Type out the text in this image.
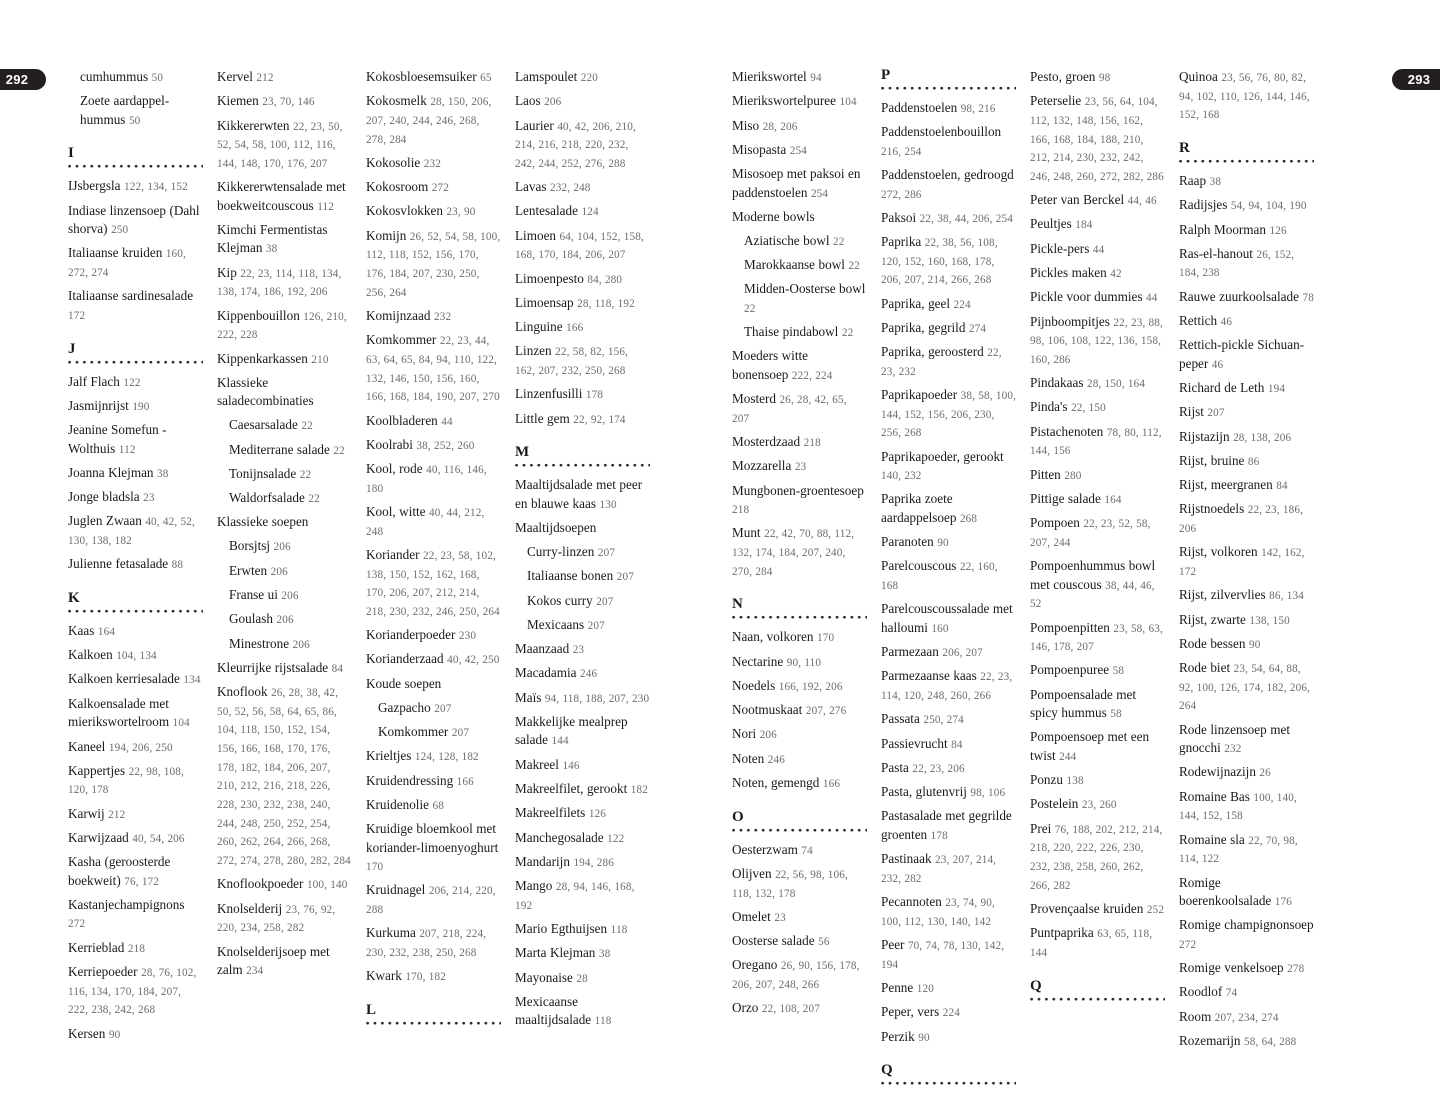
292	293
cumhummus 50
Zoete aardappel-hummus 50
I
IJsbergsla 122, 134, 152
Indiase linzensoep (Dahl shorva) 250
Italiaanse kruiden 160, 272, 274
Italiaanse sardinesalade 172
J
Jalf Flach 122
Jasmijnrijst 190
Jeanine Somefun - Wolthuis 112
Joanna Klejman 38
Jonge bladsla 23
Juglen Zwaan 40, 42, 52, 130, 138, 182
Julienne fetasalade 88
K
Kaas 164
Kalkoen 104, 134
Kalkoen kerriesalade 134
Kalkoensalade met mierikswortelroom 104
Kaneel 194, 206, 250
Kappertjes 22, 98, 108, 120, 178
Karwij 212
Karwijzaad 40, 54, 206
Kasha (geroosterde boekweit) 76, 172
Kastanjechampignons 272
Kerrieblad 218
Kerriepoeder 28, 76, 102, 116, 134, 170, 184, 207, 222, 238, 242, 268
Kersen 90
Kervel 212
Kiemen 23, 70, 146
Kikkererwten 22, 23, 50, 52, 54, 58, 100, 112, 116, 144, 148, 170, 176, 207
Kikkererwtensalade met boekweitcouscous 112
Kimchi Fermentistas Klejman 38
Kip 22, 23, 114, 118, 134, 138, 174, 186, 192, 206
Kippenbouillon 126, 210, 222, 228
Kippenkarkassen 210
Klassieke saladecombinaties
Caesarsalade 22
Mediterrane salade 22
Tonijnsalade 22
Waldorfsalade 22
Klassieke soepen
Borsjtsj 206
Erwten 206
Franse ui 206
Goulash 206
Minestrone 206
Kleurrijke rijstsalade 84
Knoflook 26, 28, 38, 42, 50, 52, 56, 58, 64, 65, 86, 104, 118, 150, 152, 154, 156, 166, 168, 170, 176, 178, 182, 184, 206, 207, 210, 212, 216, 218, 226, 228, 230, 232, 238, 240, 244, 248, 250, 252, 254, 260, 262, 264, 266, 268, 272, 274, 278, 280, 282, 284
Knoflookpoeder 100, 140
Knolselderij 23, 76, 92, 220, 234, 258, 282
Knolselderijsoep met zalm 234
Kokosbloesemsuiker 65
Kokosmelk 28, 150, 206, 207, 240, 244, 246, 268, 278, 284
Kokosolie 232
Kokosroom 272
Kokosvlokken 23, 90
Komijn 26, 52, 54, 58, 100, 112, 118, 152, 156, 170, 176, 184, 207, 230, 250, 256, 264
Komijnzaad 232
Komkommer 22, 23, 44, 63, 64, 65, 84, 94, 110, 122, 132, 146, 150, 156, 160, 166, 168, 184, 190, 207, 270
Koolbladeren 44
Koolrabi 38, 252, 260
Kool, rode 40, 116, 146, 180
Kool, witte 40, 44, 212, 248
Koriander 22, 23, 58, 102, 138, 150, 152, 162, 168, 170, 206, 207, 212, 214, 218, 230, 232, 246, 250, 264
Korianderpoeder 230
Korianderzaad 40, 42, 250
Koude soepen
Gazpacho 207
Komkommer 207
Krieltjes 124, 128, 182
Kruidendressing 166
Kruidenolie 68
Kruidige bloemkool met koriander-limoenyoghurt 170
Kruidnagel 206, 214, 220, 288
Kurkuma 207, 218, 224, 230, 232, 238, 250, 268
Kwark 170, 182
L
Lamspoulet 220
Laos 206
Laurier 40, 42, 206, 210, 214, 216, 218, 220, 232, 242, 244, 252, 276, 288
Lavas 232, 248
Lentesalade 124
Limoen 64, 104, 152, 158, 168, 170, 184, 206, 207
Limoenpesto 84, 280
Limoensap 28, 118, 192
Linguine 166
Linzen 22, 58, 82, 156, 162, 207, 232, 250, 268
Linzenfusilli 178
Little gem 22, 92, 174
M
Maaltijdsalade met peer en blauwe kaas 130
Maaltijdsoepen
Curry-linzen 207
Italiaanse bonen 207
Kokos curry 207
Mexicaans 207
Maanzaad 23
Macadamia 246
Maïs 94, 118, 188, 207, 230
Makkelijke mealprep salade 144
Makreel 146
Makreelfilet, gerookt 182
Makreelfilets 126
Manchegosalade 122
Mandarijn 194, 286
Mango 28, 94, 146, 168, 192
Mario Egthuijsen 118
Marta Klejman 38
Mayonaise 28
Mexicaanse maaltijdsalade 118
Mierikswortel 94
Mierikswortelpuree 104
Miso 28, 206
Misopasta 254
Misosoep met paksoi en paddenstoelen 254
Moderne bowls
Aziatische bowl 22
Marokkaanse bowl 22
Midden-Oosterse bowl 22
Thaise pindabowl 22
Moeders witte bonensoep 222, 224
Mosterd 26, 28, 42, 65, 207
Mosterdzaad 218
Mozzarella 23
Mungbonen-groentesoep 218
Munt 22, 42, 70, 88, 112, 132, 174, 184, 207, 240, 270, 284
N
Naan, volkoren 170
Nectarine 90, 110
Noedels 166, 192, 206
Nootmuskaat 207, 276
Nori 206
Noten 246
Noten, gemengd 166
O
Oesterzwam 74
Olijven 22, 56, 98, 106, 118, 132, 178
Omelet 23
Oosterse salade 56
Oregano 26, 90, 156, 178, 206, 207, 248, 266
Orzo 22, 108, 207
P
Paddenstoelen 98, 216
Paddenstoelenbouillon 216, 254
Paddenstoelen, gedroogd 272, 286
Paksoi 22, 38, 44, 206, 254
Paprika 22, 38, 56, 108, 120, 152, 160, 168, 178, 206, 207, 214, 266, 268
Paprika, geel 224
Paprika, gegrild 274
Paprika, geroosterd 22, 23, 232
Paprikapoeder 38, 58, 100, 144, 152, 156, 206, 230, 256, 268
Paprikapoeder, gerookt 140, 232
Paprika zoete aardappelsoep 268
Paranoten 90
Parelcouscous 22, 160, 168
Parelcouscoussalade met halloumi 160
Parmezaan 206, 207
Parmezaanse kaas 22, 23, 114, 120, 248, 260, 266
Passata 250, 274
Passievrucht 84
Pasta 22, 23, 206
Pasta, glutenvrij 98, 106
Pastasalade met gegrilde groenten 178
Pastinaak 23, 207, 214, 232, 282
Pecannoten 23, 74, 90, 100, 112, 130, 140, 142
Peer 70, 74, 78, 130, 142, 194
Penne 120
Peper, vers 224
Perzik 90
Q
Pesto, groen 98
Peterselie 23, 56, 64, 104, 112, 132, 148, 156, 162, 166, 168, 184, 188, 210, 212, 214, 230, 232, 242, 246, 248, 260, 272, 282, 286
Peter van Berckel 44, 46
Peultjes 184
Pickle-pers 44
Pickles maken 42
Pickle voor dummies 44
Pijnboompitjes 22, 23, 88, 98, 106, 108, 122, 136, 158, 160, 286
Pindakaas 28, 150, 164
Pinda's 22, 150
Pistachenoten 78, 80, 112, 144, 156
Pitten 280
Pittige salade 164
Pompoen 22, 23, 52, 58, 207, 244
Pompoenhummus bowl met couscous 38, 44, 46, 52
Pompoenpitten 23, 58, 63, 146, 178, 207
Pompoenpuree 58
Pompoensalade met spicy hummus 58
Pompoensoep met een twist 244
Ponzu 138
Postelein 23, 260
Prei 76, 188, 202, 212, 214, 218, 220, 222, 226, 230, 232, 238, 258, 260, 262, 266, 282
Provençaalse kruiden 252
Puntpaprika 63, 65, 118, 144
Q
Quinoa 23, 56, 76, 80, 82, 94, 102, 110, 126, 144, 146, 152, 168
R
Raap 38
Radijsjes 54, 94, 104, 190
Ralph Moorman 126
Ras-el-hanout 26, 152, 184, 238
Rauwe zuurkoolsalade 78
Rettich 46
Rettich-pickle Sichuan-peper 46
Richard de Leth 194
Rijst 207
Rijstazijn 28, 138, 206
Rijst, bruine 86
Rijst, meergranen 84
Rijstnoedels 22, 23, 186, 206
Rijst, volkoren 142, 162, 172
Rijst, zilvervlies 86, 134
Rijst, zwarte 138, 150
Rode bessen 90
Rode biet 23, 54, 64, 88, 92, 100, 126, 174, 182, 206, 264
Rode linzensoep met gnocchi 232
Rodewijnazijn 26
Romaine Bas 100, 140, 144, 152, 158
Romaine sla 22, 70, 98, 114, 122
Romige boerenkoolsalade 176
Romige champignonsoep 272
Romige venkelsoep 278
Roodlof 74
Room 207, 234, 274
Rozemarijn 58, 64, 288
